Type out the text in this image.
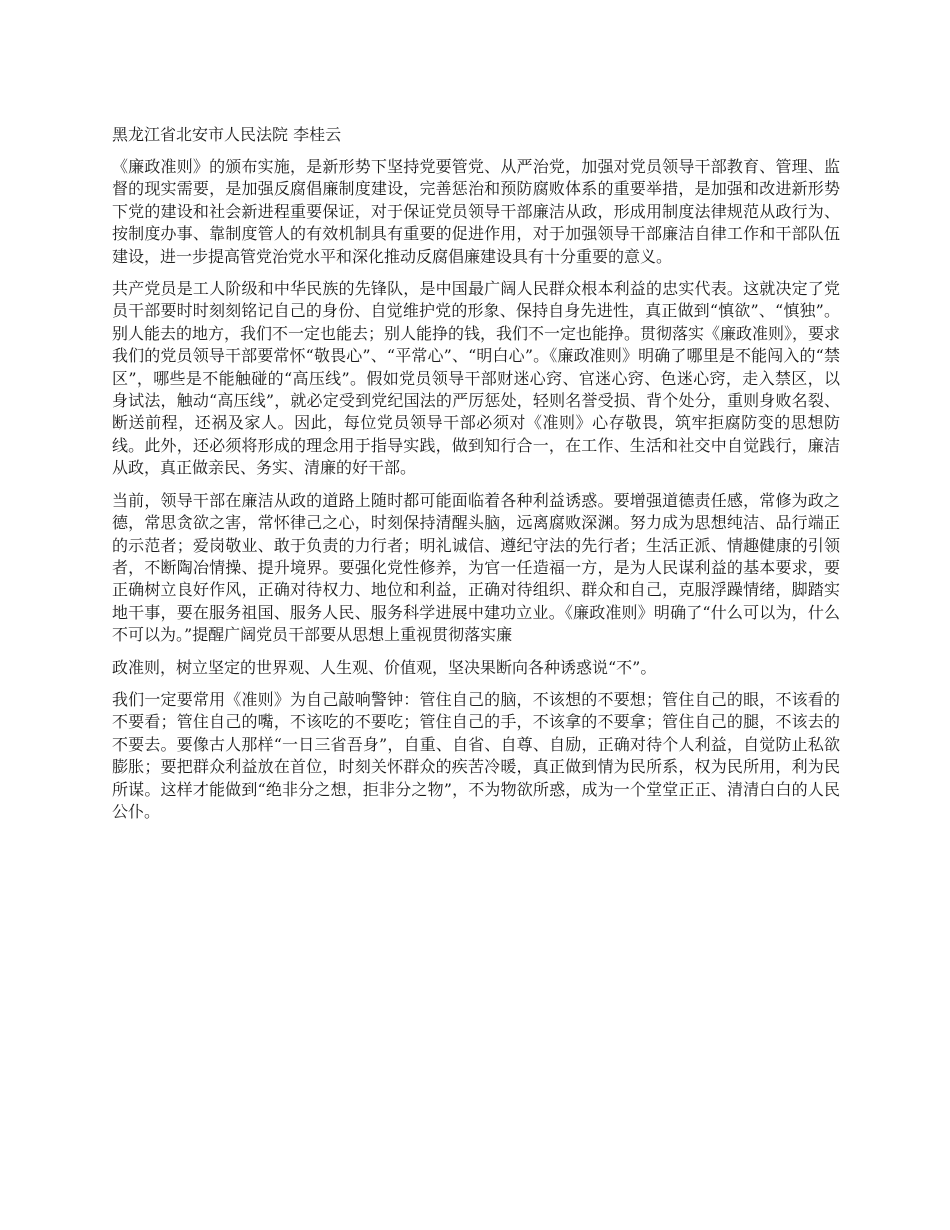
黑龙江省北安市人民法院 李桂云

《廉政准则》的颁布实施，是新形势下坚持党要管党、从严治党，加强对党员领导干部教育、管理、监督的现实需要，是加强反腐倡廉制度建设，完善惩治和预防腐败体系的重要举措，是加强和改进新形势下党的建设和社会新进程重要保证，对于保证党员领导干部廉洁从政，形成用制度法律规范从政行为、按制度办事、靠制度管人的有效机制具有重要的促进作用，对于加强领导干部廉洁自律工作和干部队伍建设，进一步提高管党治党水平和深化推动反腐倡廉建设具有十分重要的意义。

共产党员是工人阶级和中华民族的先锋队，是中国最广阔人民群众根本利益的忠实代表。这就决定了党员干部要时时刻刻铭记自己的身份、自觉维护党的形象、保持自身先进性，真正做到“慎欲”、“慎独”。别人能去的地方，我们不一定也能去；别人能挣的钱，我们不一定也能挣。贯彻落实《廉政准则》，要求我们的党员领导干部要常怀“敬畏心”、“平常心”、“明白心”。《廉政准则》明确了哪里是不能闯入的“禁区”，哪些是不能触碰的“高压线”。假如党员领导干部财迷心窍、官迷心窍、色迷心窍，走入禁区，以身试法，触动“高压线”，就必定受到党纪国法的严厉惩处，轻则名誉受损、背个处分，重则身败名裂、断送前程，还祸及家人。因此，每位党员领导干部必须对《准则》心存敬畏，筑牢拒腐防变的思想防线。此外，还必须将形成的理念用于指导实践，做到知行合一，在工作、生活和社交中自觉践行，廉洁从政，真正做亲民、务实、清廉的好干部。

当前，领导干部在廉洁从政的道路上随时都可能面临着各种利益诱惑。要增强道德责任感，常修为政之德，常思贪欲之害，常怀律己之心，时刻保持清醒头脑，远离腐败深渊。努力成为思想纯洁、品行端正的示范者；爱岗敬业、敢于负责的力行者；明礼诚信、遵纪守法的先行者；生活正派、情趣健康的引领者，不断陶冶情操、提升境界。要强化党性修养，为官一任造福一方，是为人民谋利益的基本要求，要正确树立良好作风，正确对待权力、地位和利益，正确对待组织、群众和自己，克服浮躁情绪，脚踏实地干事，要在服务祖国、服务人民、服务科学进展中建功立业。《廉政准则》明确了“什么可以为，什么不可以为。”提醒广阔党员干部要从思想上重视贯彻落实廉

政准则，树立坚定的世界观、人生观、价值观，坚决果断向各种诱惑说“不”。

我们一定要常用《准则》为自己敲响警钟：管住自己的脑，不该想的不要想；管住自己的眼，不该看的不要看；管住自己的嘴，不该吃的不要吃；管住自己的手，不该拿的不要拿；管住自己的腿，不该去的不要去。要像古人那样“一日三省吾身”，自重、自省、自尊、自励，正确对待个人利益，自觉防止私欲膨胀；要把群众利益放在首位，时刻关怀群众的疾苦冷暖，真正做到情为民所系，权为民所用，利为民所谋。这样才能做到“绝非分之想，拒非分之物”，不为物欲所惑，成为一个堂堂正正、清清白白的人民公仆。
